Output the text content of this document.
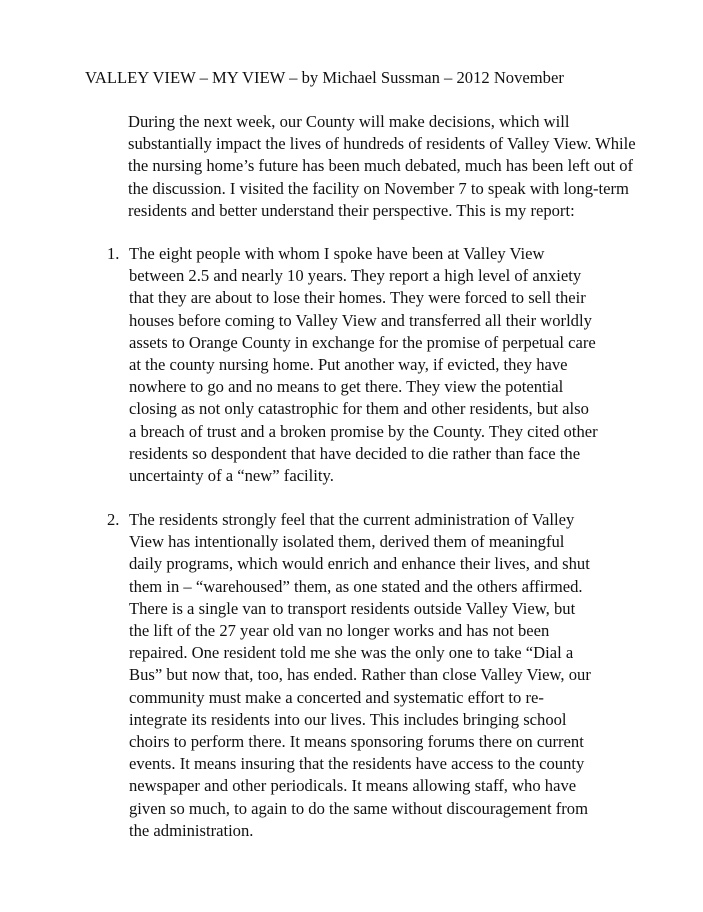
VALLEY VIEW – MY VIEW – by Michael Sussman – 2012 November

During the next week, our County will make decisions, which will
substantially impact the lives of hundreds of residents of Valley View. While
the nursing home’s future has been much debated, much has been left out of
the discussion. I visited the facility on November 7 to speak with long-term
residents and better understand their perspective. This is my report:

1. The eight people with whom I spoke have been at Valley View
between 2.5 and nearly 10 years. They report a high level of anxiety
that they are about to lose their homes. They were forced to sell their
houses before coming to Valley View and transferred all their worldly
assets to Orange County in exchange for the promise of perpetual care
at the county nursing home. Put another way, if evicted, they have
nowhere to go and no means to get there. They view the potential
closing as not only catastrophic for them and other residents, but also
a breach of trust and a broken promise by the County. They cited other
residents so despondent that have decided to die rather than face the
uncertainty of a “new” facility.
2. The residents strongly feel that the current administration of Valley
View has intentionally isolated them, derived them of meaningful
daily programs, which would enrich and enhance their lives, and shut
them in – “warehoused” them, as one stated and the others affirmed.
There is a single van to transport residents outside Valley View, but
the lift of the 27 year old van no longer works and has not been
repaired. One resident told me she was the only one to take “Dial a
Bus” but now that, too, has ended. Rather than close Valley View, our
community must make a concerted and systematic effort to re-
integrate its residents into our lives. This includes bringing school
choirs to perform there. It means sponsoring forums there on current
events. It means insuring that the residents have access to the county
newspaper and other periodicals. It means allowing staff, who have
given so much, to again to do the same without discouragement from
the administration.
